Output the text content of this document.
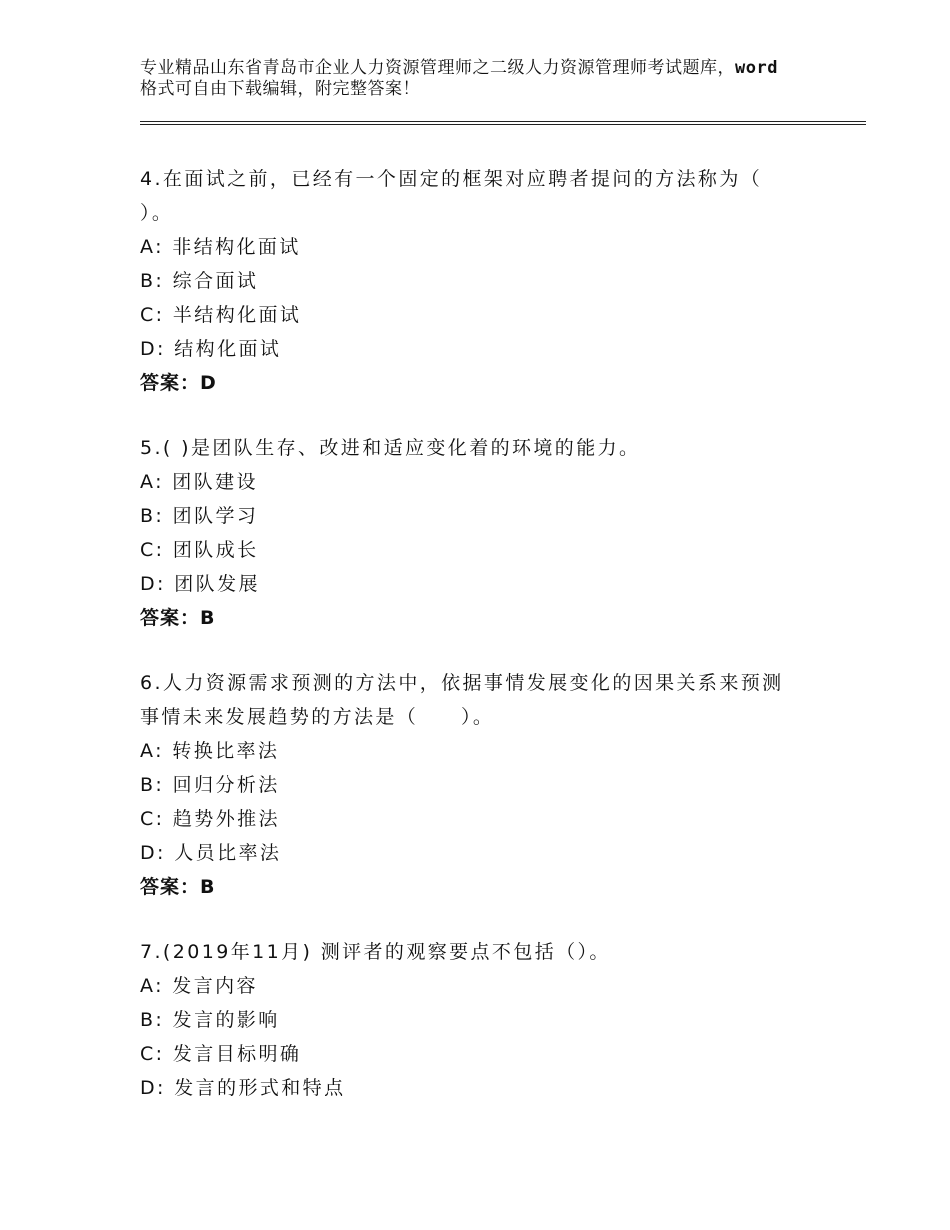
专业精品山东省青岛市企业人力资源管理师之二级人力资源管理师考试题库，word
格式可自由下载编辑，附完整答案！
4.在面试之前，已经有一个固定的框架对应聘者提问的方法称为（
）。
A: 非结构化面试
B: 综合面试
C: 半结构化面试
D: 结构化面试
答案：D
5.( )是团队生存、改进和适应变化着的环境的能力。
A: 团队建设
B: 团队学习
C: 团队成长
D: 团队发展
答案：B
6.人力资源需求预测的方法中，依据事情发展变化的因果关系来预测
事情未来发展趋势的方法是（　　）。
A: 转换比率法
B: 回归分析法
C: 趋势外推法
D: 人员比率法
答案：B
7.(2019年11月) 测评者的观察要点不包括（）。
A: 发言内容
B: 发言的影响
C: 发言目标明确
D: 发言的形式和特点
